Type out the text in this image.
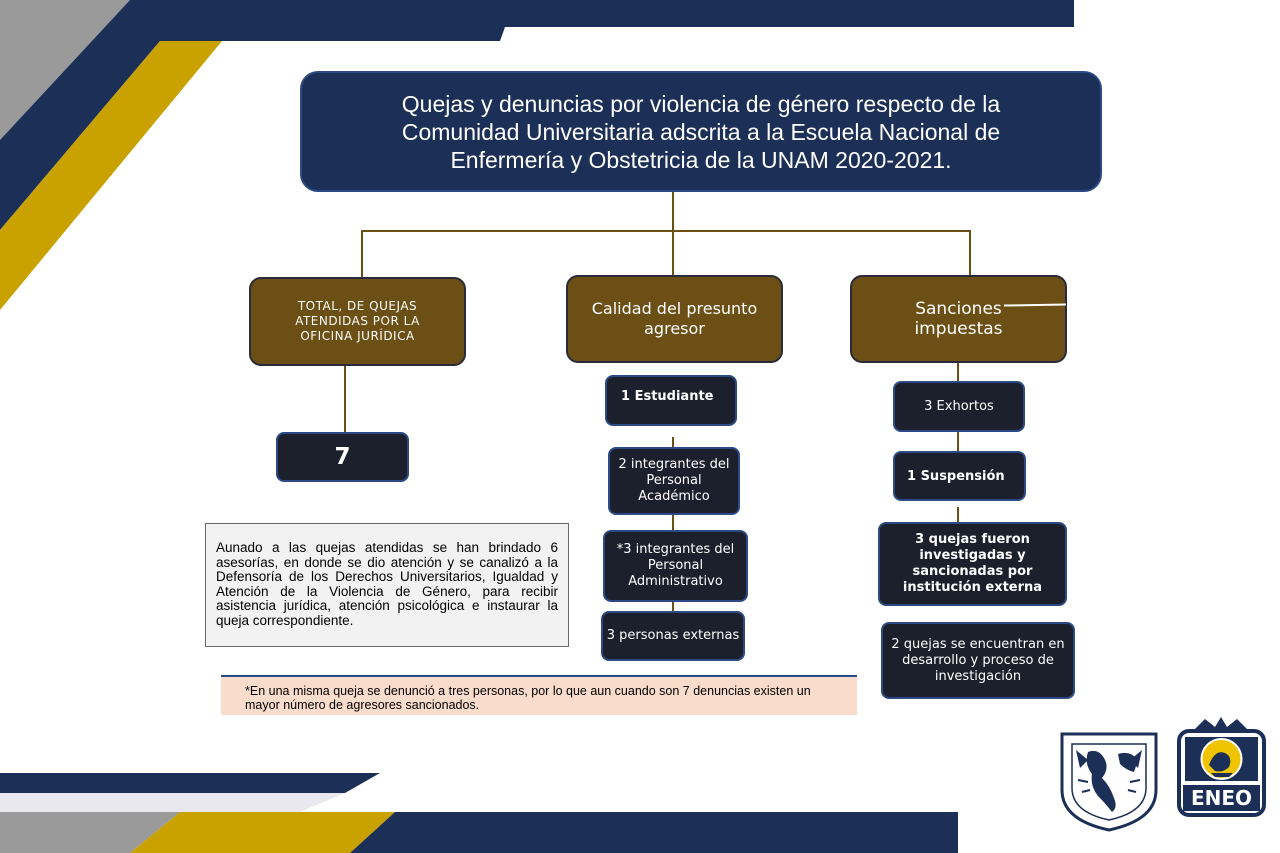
Quejas y denuncias por violencia de género respecto de la Comunidad Universitaria adscrita a la Escuela Nacional de Enfermería y Obstetricia de la UNAM 2020-2021.
TOTAL, DE QUEJAS ATENDIDAS POR LA OFICINA JURÍDICA
Calidad del presunto agresor
Sanciones impuestas
7
1 Estudiante
2 integrantes del Personal Académico
*3 integrantes del Personal Administrativo
3 personas externas
3 Exhortos
1 Suspensión
3 quejas fueron investigadas y sancionadas por institución externa
2 quejas se encuentran en desarrollo y proceso de investigación
Aunado a las quejas atendidas se han brindado 6 asesorías, en donde se dio atención y se canalizó a la Defensoría de los Derechos Universitarios, Igualdad y Atención de la Violencia de Género, para recibir asistencia jurídica, atención psicológica e instaurar la queja correspondiente.
*En una misma queja se denunció a tres personas, por lo que aun cuando son 7 denuncias existen un mayor número de agresores sancionados.
ENEO
